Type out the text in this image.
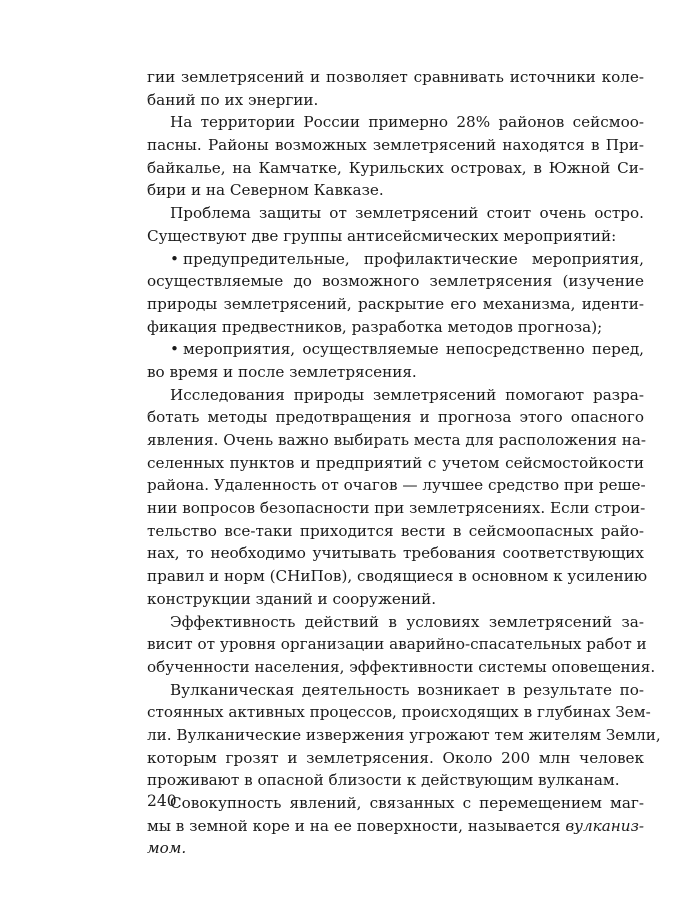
гии землетрясений и позволяет сравнивать источники коле-
баний по их энергии.
На территории России примерно 28% районов сейсмоо-
пасны. Районы возможных землетрясений находятся в При-
байкалье, на Камчатке, Курильских островах, в Южной Си-
бири и на Северном Кавказе.
Проблема защиты от землетрясений стоит очень остро.
Существуют две группы антисейсмических мероприятий:
• предупредительные, профилактические мероприятия,
осуществляемые до возможного землетрясения (изучение
природы землетрясений, раскрытие его механизма, иденти-
фикация предвестников, разработка методов прогноза);
• мероприятия, осуществляемые непосредственно перед,
во время и после землетрясения.
Исследования природы землетрясений помогают разра-
ботать методы предотвращения и прогноза этого опасного
явления. Очень важно выбирать места для расположения на-
селенных пунктов и предприятий с учетом сейсмостойкости
района. Удаленность от очагов — лучшее средство при реше-
нии вопросов безопасности при землетрясениях. Если строи-
тельство все-таки приходится вести в сейсмоопасных райо-
нах, то необходимо учитывать требования соответствующих
правил и норм (СНиПов), сводящиеся в основном к усилению
конструкции зданий и сооружений.
Эффективность действий в условиях землетрясений за-
висит от уровня организации аварийно-спасательных работ и
обученности населения, эффективности системы оповещения.
Вулканическая деятельность возникает в результате по-
стоянных активных процессов, происходящих в глубинах Зем-
ли. Вулканические извержения угрожают тем жителям Земли,
которым грозят и землетрясения. Около 200 млн человек
проживают в опасной близости к действующим вулканам.
Совокупность явлений, связанных с перемещением маг-
мы в земной коре и на ее поверхности, называется вулканиз-
мом.
240
